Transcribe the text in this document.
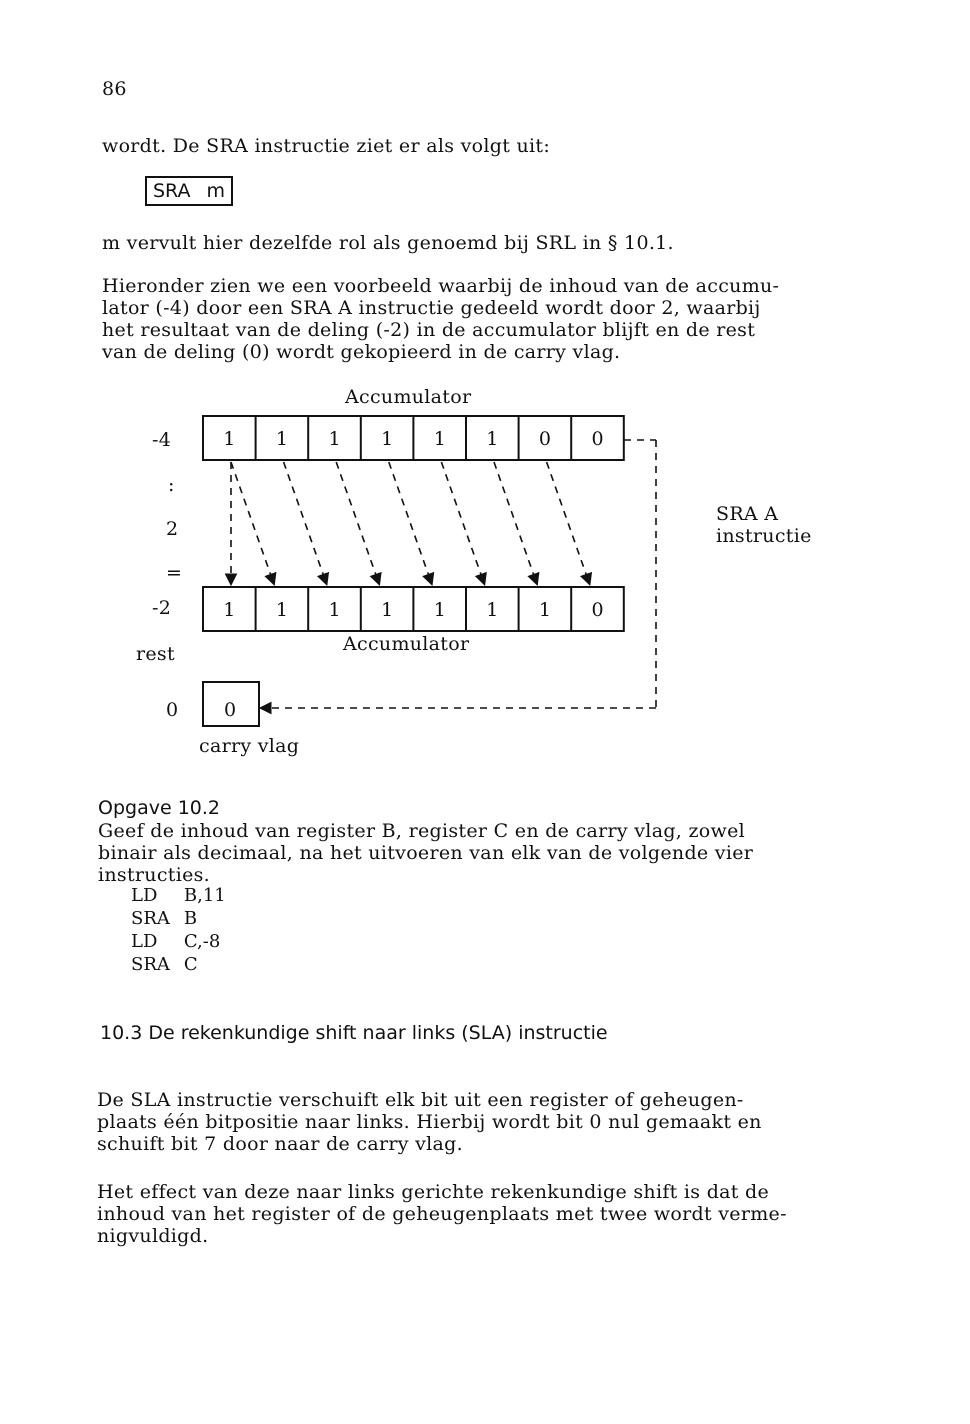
86
wordt. De SRA instructie ziet er als volgt uit:
SRA m
m vervult hier dezelfde rol als genoemd bij SRL in § 10.1.
Hieronder zien we een voorbeeld waarbij de inhoud van de accumu-
lator (-4) door een SRA A instructie gedeeld wordt door 2, waarbij
het resultaat van de deling (-2) in de accumulator blijft en de rest
van de deling (0) wordt gekopieerd in de carry vlag.
Accumulator
Accumulator
1 1 1 1 1 1 0 0
1 1 1 1 1 1 1 0
-4
:
2
=
-2
rest
0 0
carry vlag
SRA A
instructie
Opgave 10.2
Geef de inhoud van register B, register C en de carry vlag, zowel
binair als decimaal, na het uitvoeren van elk van de volgende vier
instructies.
LD	B,11
SRA	B
LD	C,-8
SRA	C
10.3 De rekenkundige shift naar links (SLA) instructie
De SLA instructie verschuift elk bit uit een register of geheugen-
plaats één bitpositie naar links. Hierbij wordt bit 0 nul gemaakt en
schuift bit 7 door naar de carry vlag.
Het effect van deze naar links gerichte rekenkundige shift is dat de
inhoud van het register of de geheugenplaats met twee wordt verme-
nigvuldigd.
